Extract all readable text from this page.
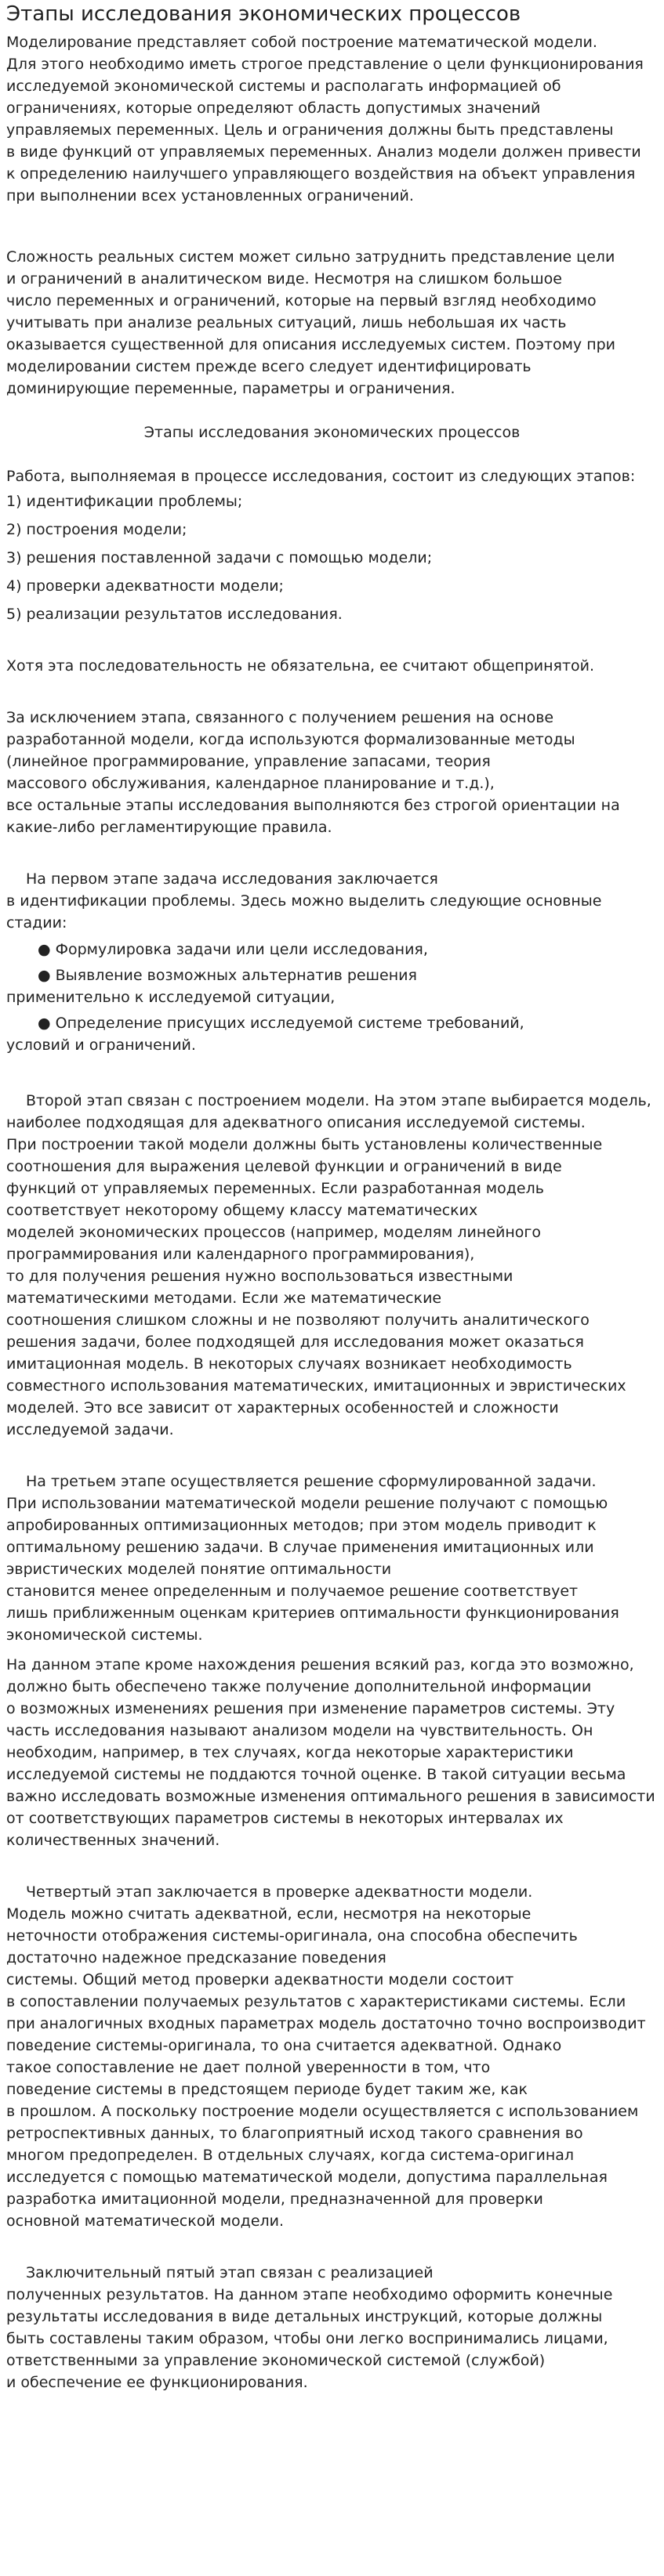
Этапы исследования экономических процессов

Моделирование представляет собой построение математической модели.
Для этого необходимо иметь строгое представление о цели функционирования
исследуемой экономической системы и располагать информацией об
ограничениях, которые определяют область допустимых значений
управляемых переменных. Цель и ограничения должны быть представлены
в виде функций от управляемых переменных. Анализ модели должен привести
к определению наилучшего управляющего воздействия на объект управления
при выполнении всех установленных ограничений.

Сложность реальных систем может сильно затруднить представление цели
и ограничений в аналитическом виде. Несмотря на слишком большое
число переменных и ограничений, которые на первый взгляд необходимо
учитывать при анализе реальных ситуаций, лишь небольшая их часть
оказывается существенной для описания исследуемых систем. Поэтому при
моделировании систем прежде всего следует идентифицировать
доминирующие переменные, параметры и ограничения.

Этапы исследования экономических процессов

Работа, выполняемая в процессе исследования, состоит из следующих этапов:

1) идентификации проблемы;

2) построения модели;

3) решения поставленной задачи с помощью модели;

4) проверки адекватности модели;

5) реализации результатов исследования.

Хотя эта последовательность не обязательна, ее считают общепринятой.

За исключением этапа, связанного с получением решения на основе
разработанной модели, когда используются формализованные методы
(линейное программирование, управление запасами, теория
массового обслуживания, календарное планирование и т.д.),
все остальные этапы исследования выполняются без строгой ориентации на
какие-либо регламентирующие правила.

На первом этапе задача исследования заключается
в идентификации проблемы. Здесь можно выделить следующие основные
стадии:

● Формулировка задачи или цели исследования,
● Выявление возможных альтернатив решения
применительно к исследуемой ситуации,
● Определение присущих исследуемой системе требований,
условий и ограничений.

Второй этап связан с построением модели. На этом этапе выбирается модель,
наиболее подходящая для адекватного описания исследуемой системы.
При построении такой модели должны быть установлены количественные
соотношения для выражения целевой функции и ограничений в виде
функций от управляемых переменных. Если разработанная модель
соответствует некоторому общему классу математических
моделей экономических процессов (например, моделям линейного
программирования или календарного программирования),
то для получения решения нужно воспользоваться известными
математическими методами. Если же математические
соотношения слишком сложны и не позволяют получить аналитического
решения задачи, более подходящей для исследования может оказаться
имитационная модель. В некоторых случаях возникает необходимость
совместного использования математических, имитационных и эвристических
моделей. Это все зависит от характерных особенностей и сложности
исследуемой задачи.

На третьем этапе осуществляется решение сформулированной задачи.
При использовании математической модели решение получают с помощью
апробированных оптимизационных методов; при этом модель приводит к
оптимальному решению задачи. В случае применения имитационных или
эвристических моделей понятие оптимальности
становится менее определенным и получаемое решение соответствует
лишь приближенным оценкам критериев оптимальности функционирования
экономической системы.

На данном этапе кроме нахождения решения всякий раз, когда это возможно,
должно быть обеспечено также получение дополнительной информации
о возможных изменениях решения при изменение параметров системы. Эту
часть исследования называют анализом модели на чувствительность. Он
необходим, например, в тех случаях, когда некоторые характеристики
исследуемой системы не поддаются точной оценке. В такой ситуации весьма
важно исследовать возможные изменения оптимального решения в зависимости
от соответствующих параметров системы в некоторых интервалах их
количественных значений.

Четвертый этап заключается в проверке адекватности модели.
Модель можно считать адекватной, если, несмотря на некоторые
неточности отображения системы-оригинала, она способна обеспечить
достаточно надежное предсказание поведения
системы. Общий метод проверки адекватности модели состоит
в сопоставлении получаемых результатов с характеристиками системы. Если
при аналогичных входных параметрах модель достаточно точно воспроизводит
поведение системы-оригинала, то она считается адекватной. Однако
такое сопоставление не дает полной уверенности в том, что
поведение системы в предстоящем периоде будет таким же, как
в прошлом. А поскольку построение модели осуществляется с использованием
ретроспективных данных, то благоприятный исход такого сравнения во
многом предопределен. В отдельных случаях, когда система-оригинал
исследуется с помощью математической модели, допустима параллельная
разработка имитационной модели, предназначенной для проверки
основной математической модели.

Заключительный пятый этап связан с реализацией
полученных результатов. На данном этапе необходимо оформить конечные
результаты исследования в виде детальных инструкций, которые должны
быть составлены таким образом, чтобы они легко воспринимались лицами,
ответственными за управление экономической системой (службой)
и обеспечение ее функционирования.
